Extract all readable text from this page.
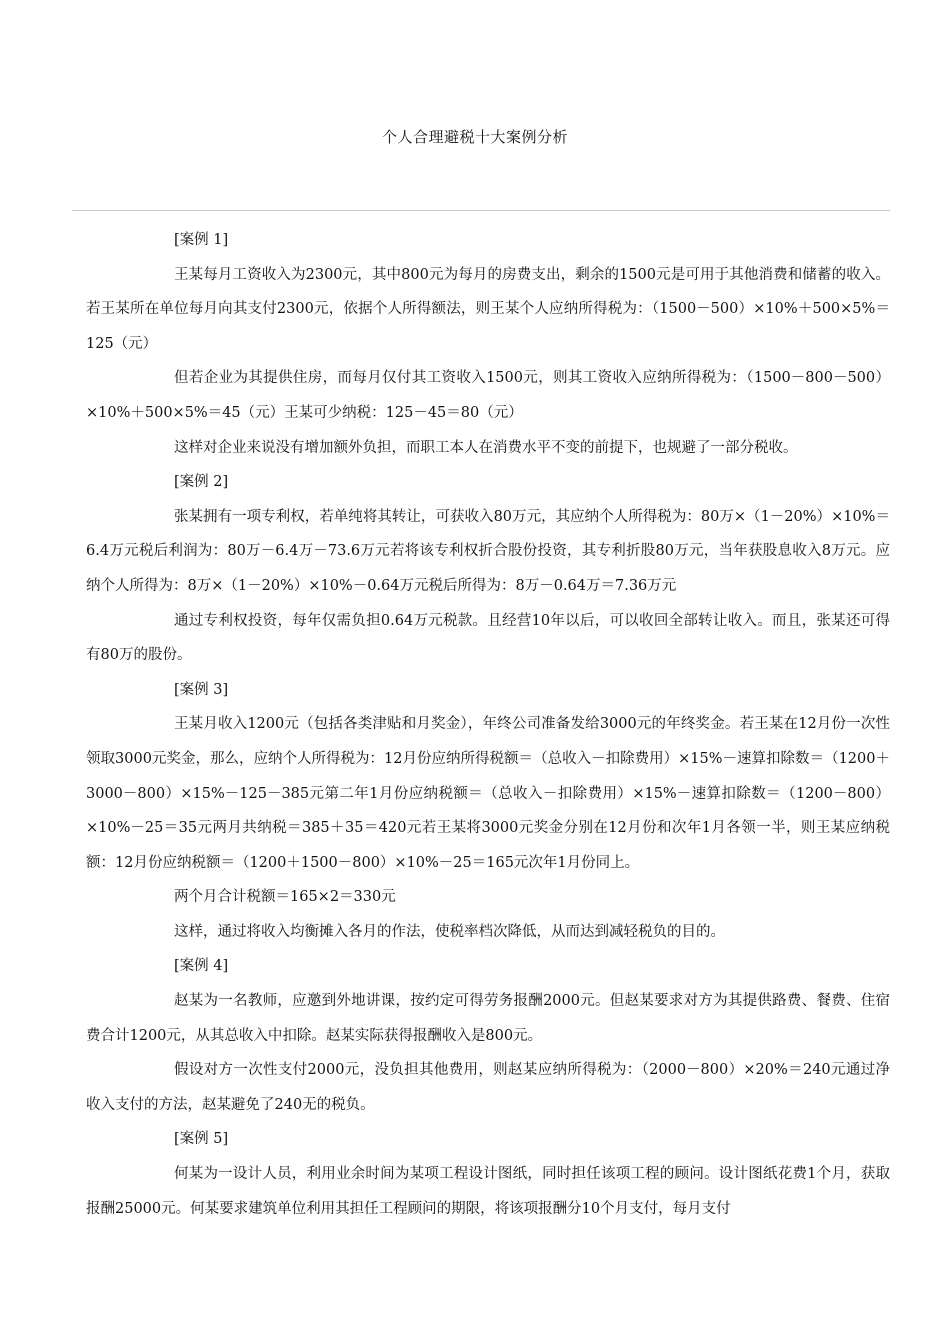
个人合理避税十大案例分析

[案例 1]

王某每月工资收入为2300元，其中800元为每月的房费支出，剩余的1500元是可用于其他消费和储蓄的收入。若王某所在单位每月向其支付2300元，依据个人所得额法，则王某个人应纳所得税为：（1500－500）×10%＋500×5%＝125（元）

但若企业为其提供住房，而每月仅付其工资收入1500元，则其工资收入应纳所得税为：（1500－800－500）×10%＋500×5%＝45（元）王某可少纳税：125－45＝80（元）

这样对企业来说没有增加额外负担，而职工本人在消费水平不变的前提下，也规避了一部分税收。

[案例 2]

张某拥有一项专利权，若单纯将其转让，可获收入80万元，其应纳个人所得税为：80万×（1－20%）×10%＝6.4万元税后利润为：80万－6.4万－73.6万元若将该专利权折合股份投资，其专利折股80万元，当年获股息收入8万元。应纳个人所得为：8万×（1－20%）×10%－0.64万元税后所得为：8万－0.64万＝7.36万元

通过专利权投资，每年仅需负担0.64万元税款。且经营10年以后，可以收回全部转让收入。而且，张某还可得有80万的股份。

[案例 3]

王某月收入1200元（包括各类津贴和月奖金），年终公司准备发给3000元的年终奖金。若王某在12月份一次性领取3000元奖金，那么，应纳个人所得税为：12月份应纳所得税额＝（总收入－扣除费用）×15%－速算扣除数＝（1200＋3000－800）×15%－125－385元第二年1月份应纳税额＝（总收入－扣除费用）×15%－速算扣除数＝（1200－800）×10%－25＝35元两月共纳税＝385＋35＝420元若王某将3000元奖金分别在12月份和次年1月各领一半，则王某应纳税额：12月份应纳税额＝（1200＋1500－800）×10%－25＝165元次年1月份同上。

两个月合计税额＝165×2＝330元

这样，通过将收入均衡摊入各月的作法，使税率档次降低，从而达到减轻税负的目的。

[案例 4]

赵某为一名教师，应邀到外地讲课，按约定可得劳务报酬2000元。但赵某要求对方为其提供路费、餐费、住宿费合计1200元，从其总收入中扣除。赵某实际获得报酬收入是800元。

假设对方一次性支付2000元，没负担其他费用，则赵某应纳所得税为：（2000－800）×20%＝240元通过净收入支付的方法，赵某避免了240无的税负。

[案例 5]

何某为一设计人员，利用业余时间为某项工程设计图纸，同时担任该项工程的顾问。设计图纸花费1个月，获取报酬25000元。何某要求建筑单位利用其担任工程顾问的期限，将该项报酬分10个月支付，每月支付
